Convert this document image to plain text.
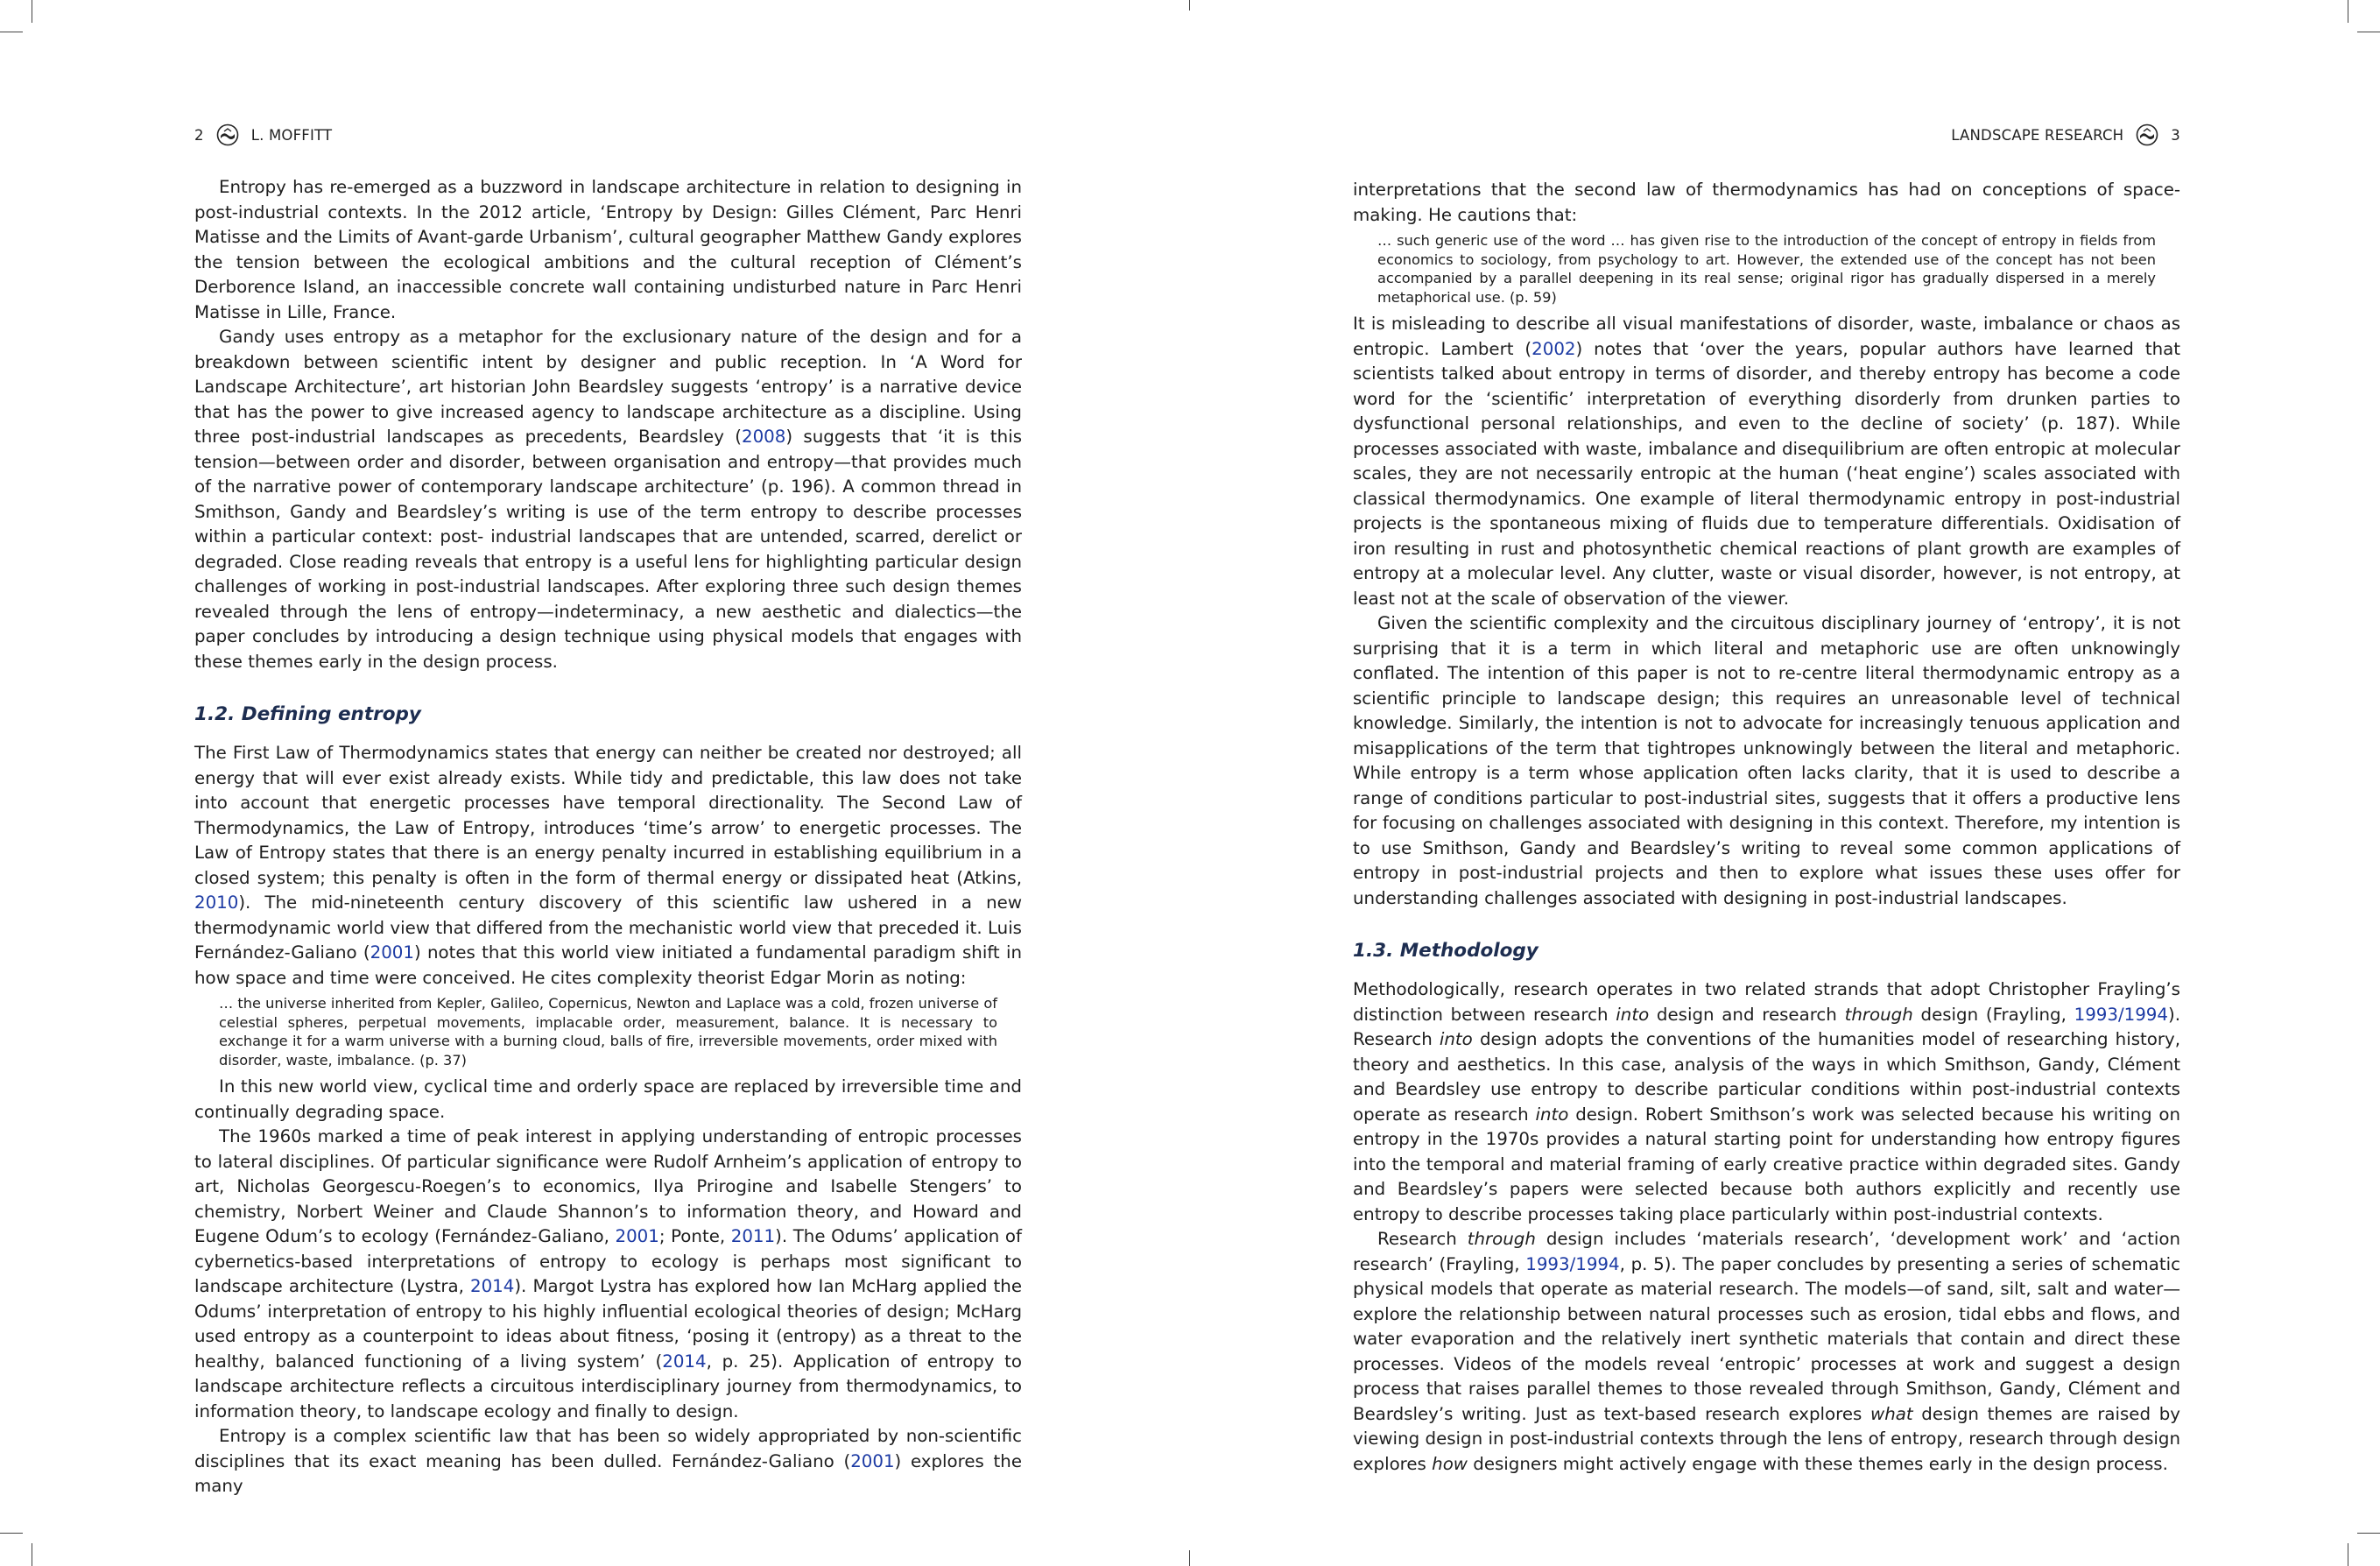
2	L. MOFFITT

Entropy has re-emerged as a buzzword in landscape architecture in relation to designing in post-industrial contexts. In the 2012 article, ‘Entropy by Design: Gilles Clément, Parc Henri Matisse and the Limits of Avant-garde Urbanism’, cultural geographer Matthew Gandy explores the tension between the ecological ambitions and the cultural reception of Clément’s Derborence Island, an inaccessible concrete wall containing undisturbed nature in Parc Henri Matisse in Lille, France.

Gandy uses entropy as a metaphor for the exclusionary nature of the design and for a breakdown between scientific intent by designer and public reception. In ‘A Word for Landscape Architecture’, art historian John Beardsley suggests ‘entropy’ is a narrative device that has the power to give increased agency to landscape architecture as a discipline. Using three post-industrial landscapes as precedents, Beardsley (2008) suggests that ‘it is this tension—between order and disorder, between organisation and entropy—that provides much of the narrative power of contemporary landscape architecture’ (p. 196). A common thread in Smithson, Gandy and Beardsley’s writing is use of the term entropy to describe processes within a particular context: post- industrial landscapes that are untended, scarred, derelict or degraded. Close reading reveals that entropy is a useful lens for highlighting particular design challenges of working in post-industrial landscapes. After exploring three such design themes revealed through the lens of entropy—indeterminacy, a new aesthetic and dialectics—the paper concludes by introducing a design technique using physical models that engages with these themes early in the design process.

1.2. Defining entropy

The First Law of Thermodynamics states that energy can neither be created nor destroyed; all energy that will ever exist already exists. While tidy and predictable, this law does not take into account that energetic processes have temporal directionality. The Second Law of Thermodynamics, the Law of Entropy, introduces ‘time’s arrow’ to energetic processes. The Law of Entropy states that there is an energy penalty incurred in establishing equilibrium in a closed system; this penalty is often in the form of thermal energy or dissipated heat (Atkins, 2010). The mid-nineteenth century discovery of this scientific law ushered in a new thermodynamic world view that differed from the mechanistic world view that preceded it. Luis Fernández-Galiano (2001) notes that this world view initiated a fundamental paradigm shift in how space and time were conceived. He cites complexity theorist Edgar Morin as noting:

… the universe inherited from Kepler, Galileo, Copernicus, Newton and Laplace was a cold, frozen universe of celestial spheres, perpetual movements, implacable order, measurement, balance. It is necessary to exchange it for a warm universe with a burning cloud, balls of fire, irreversible movements, order mixed with disorder, waste, imbalance. (p. 37)

In this new world view, cyclical time and orderly space are replaced by irreversible time and continually degrading space.

The 1960s marked a time of peak interest in applying understanding of entropic processes to lateral disciplines. Of particular significance were Rudolf Arnheim’s application of entropy to art, Nicholas Georgescu-Roegen’s to economics, Ilya Prirogine and Isabelle Stengers’ to chemistry, Norbert Weiner and Claude Shannon’s to information theory, and Howard and Eugene Odum’s to ecology (Fernández-Galiano, 2001; Ponte, 2011). The Odums’ application of cybernetics-based interpretations of entropy to ecology is perhaps most significant to landscape architecture (Lystra, 2014). Margot Lystra has explored how Ian McHarg applied the Odums’ interpretation of entropy to his highly influential ecological theories of design; McHarg used entropy as a counterpoint to ideas about fitness, ‘posing it (entropy) as a threat to the healthy, balanced functioning of a living system’ (2014, p. 25). Application of entropy to landscape architecture reflects a circuitous interdisciplinary journey from thermodynamics, to information theory, to landscape ecology and finally to design.

Entropy is a complex scientific law that has been so widely appropriated by non-scientific disciplines that its exact meaning has been dulled. Fernández-Galiano (2001) explores the many

LANDSCAPE RESEARCH	3

interpretations that the second law of thermodynamics has had on conceptions of space-making. He cautions that:

… such generic use of the word … has given rise to the introduction of the concept of entropy in fields from economics to sociology, from psychology to art. However, the extended use of the concept has not been accompanied by a parallel deepening in its real sense; original rigor has gradually dispersed in a merely metaphorical use. (p. 59)

It is misleading to describe all visual manifestations of disorder, waste, imbalance or chaos as entropic. Lambert (2002) notes that ‘over the years, popular authors have learned that scientists talked about entropy in terms of disorder, and thereby entropy has become a code word for the ‘scientific’ interpretation of everything disorderly from drunken parties to dysfunctional personal relationships, and even to the decline of society’ (p. 187). While processes associated with waste, imbalance and disequilibrium are often entropic at molecular scales, they are not necessarily entropic at the human (‘heat engine’) scales associated with classical thermodynamics. One example of literal thermodynamic entropy in post-industrial projects is the spontaneous mixing of fluids due to temperature differentials. Oxidisation of iron resulting in rust and photosynthetic chemical reactions of plant growth are examples of entropy at a molecular level. Any clutter, waste or visual disorder, however, is not entropy, at least not at the scale of observation of the viewer.

Given the scientific complexity and the circuitous disciplinary journey of ‘entropy’, it is not surprising that it is a term in which literal and metaphoric use are often unknowingly conflated. The intention of this paper is not to re-centre literal thermodynamic entropy as a scientific principle to landscape design; this requires an unreasonable level of technical knowledge. Similarly, the intention is not to advocate for increasingly tenuous application and misapplications of the term that tightropes unknowingly between the literal and metaphoric. While entropy is a term whose application often lacks clarity, that it is used to describe a range of conditions particular to post-industrial sites, suggests that it offers a productive lens for focusing on challenges associated with designing in this context. Therefore, my intention is to use Smithson, Gandy and Beardsley’s writing to reveal some common applications of entropy in post-industrial projects and then to explore what issues these uses offer for understanding challenges associated with designing in post-industrial landscapes.

1.3. Methodology

Methodologically, research operates in two related strands that adopt Christopher Frayling’s distinction between research into design and research through design (Frayling, 1993/1994). Research into design adopts the conventions of the humanities model of researching history, theory and aesthetics. In this case, analysis of the ways in which Smithson, Gandy, Clément and Beardsley use entropy to describe particular conditions within post-industrial contexts operate as research into design. Robert Smithson’s work was selected because his writing on entropy in the 1970s provides a natural starting point for understanding how entropy figures into the temporal and material framing of early creative practice within degraded sites. Gandy and Beardsley’s papers were selected because both authors explicitly and recently use entropy to describe processes taking place particularly within post-industrial contexts.

Research through design includes ‘materials research’, ‘development work’ and ‘action research’ (Frayling, 1993/1994, p. 5). The paper concludes by presenting a series of schematic physical models that operate as material research. The models—of sand, silt, salt and water—explore the relationship between natural processes such as erosion, tidal ebbs and flows, and water evaporation and the relatively inert synthetic materials that contain and direct these processes. Videos of the models reveal ‘entropic’ processes at work and suggest a design process that raises parallel themes to those revealed through Smithson, Gandy, Clément and Beardsley’s writing. Just as text-based research explores what design themes are raised by viewing design in post-industrial contexts through the lens of entropy, research through design explores how designers might actively engage with these themes early in the design process.
